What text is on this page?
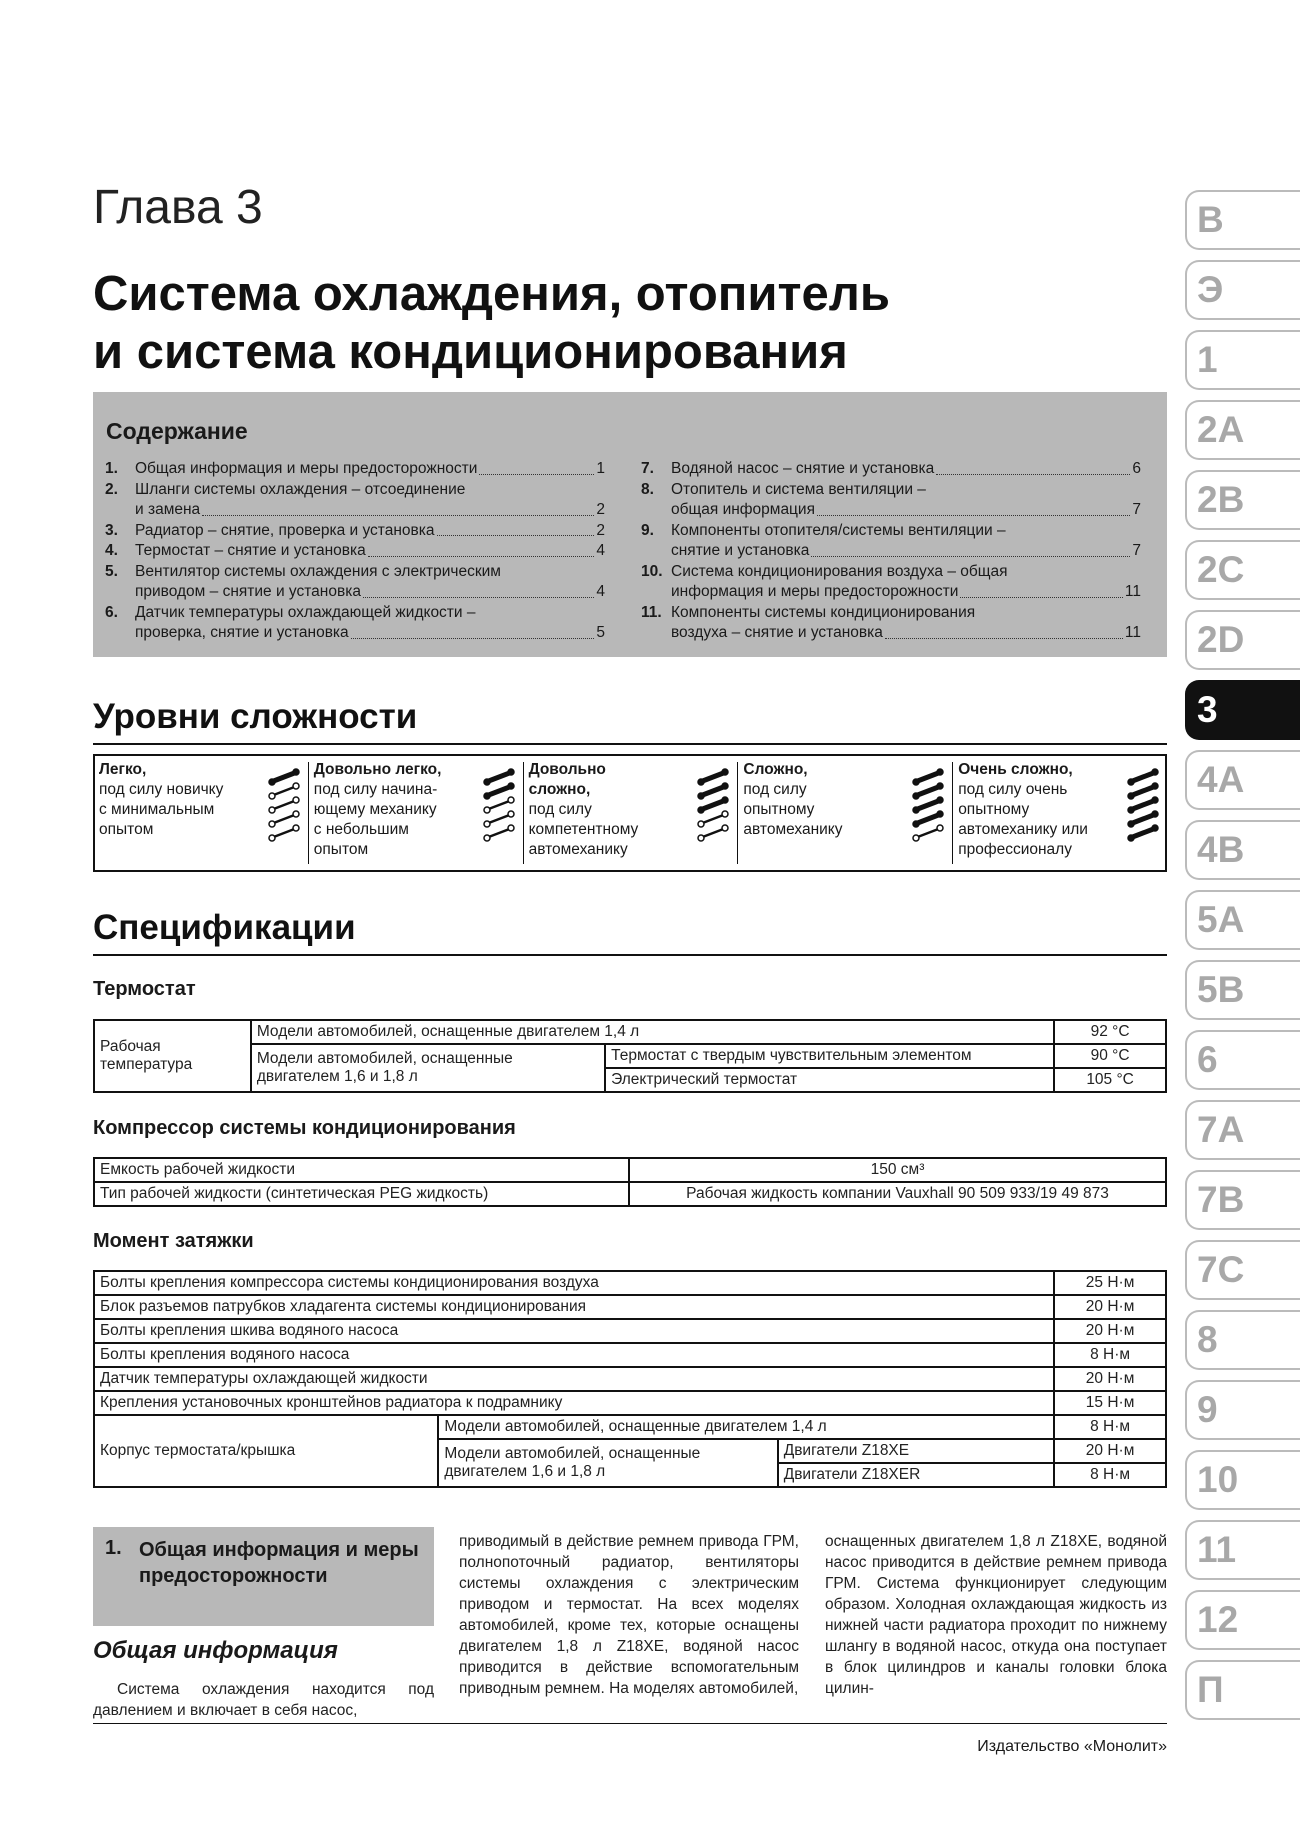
Глава 3
Система охлаждения, отопитель
и система кондиционирования
Содержание
1.	Общая информация и меры предосторожности	1
2.	Шланги системы охлаждения – отсоединение
и замена	2
3.	Радиатор – снятие, проверка и установка	2
4.	Термостат – снятие и установка	4
5.	Вентилятор системы охлаждения с электрическим
приводом – снятие и установка	4
6.	Датчик температуры охлаждающей жидкости –
проверка, снятие и установка	5
7.	Водяной насос – снятие и установка	6
8.	Отопитель и система вентиляции –
общая информация	7
9.	Компоненты отопителя/системы вентиляции –
снятие и установка	7
10. Система кондиционирования воздуха – общая
информация и меры предосторожности	11
11. Компоненты системы кондиционирования
воздуха – снятие и установка	11
Уровни сложности
Легко,
под силу новичку
с минимальным
опытом
Довольно легко,
под силу начина-
ющему механику
с небольшим
опытом
Довольно
сложно,
под силу
компетентному
автомеханику
Сложно,
под силу
опытному
автомеханику
Очень сложно,
под силу очень
опытному
автомеханику или
профессионалу
Спецификации
Термостат
Рабочая температура	Модели автомобилей, оснащенные двигателем 1,4 л		92 °C
	Модели автомобилей, оснащенные двигателем 1,6 и 1,8 л	Термостат с твердым чувствительным элементом	90 °C
		Электрический термостат	105 °C
Компрессор системы кондиционирования
Емкость рабочей жидкости	150 см³
Тип рабочей жидкости (синтетическая PEG жидкость)	Рабочая жидкость компании Vauxhall 90 509 933/19 49 873
Момент затяжки
Болты крепления компрессора системы кондиционирования воздуха			25 Н·м
Блок разъемов патрубков хладагента системы кондиционирования			20 Н·м
Болты крепления шкива водяного насоса			20 Н·м
Болты крепления водяного насоса			8 Н·м
Датчик температуры охлаждающей жидкости			20 Н·м
Крепления установочных кронштейнов радиатора к подрамнику			15 Н·м
Корпус термостата/крышка	Модели автомобилей, оснащенные двигателем 1,4 л		8 Н·м
	Модели автомобилей, оснащенные двигателем 1,6 и 1,8 л	Двигатели Z18XE	20 Н·м
		Двигатели Z18XER	8 Н·м
1. Общая информация и меры предосторожности
Общая информация
Система охлаждения находится под давлением и включает в себя насос,
приводимый в действие ремнем привода ГРМ, полнопоточный радиатор, вентиляторы системы охлаждения с электрическим приводом и термостат. На всех моделях автомобилей, кроме тех, которые оснащены двигателем 1,8 л Z18XE, водяной насос приводится в действие вспомогательным приводным ремнем. На моделях автомобилей,
оснащенных двигателем 1,8 л Z18XE, водяной насос приводится в действие ремнем привода ГРМ. Система функционирует следующим образом. Холодная охлаждающая жидкость из нижней части радиатора проходит по нижнему шлангу в водяной насос, откуда она поступает в блок цилиндров и каналы головки блока цилин-
Издательство «Монолит»
В
Э
1
2A
2B
2C
2D
3
4A
4B
5A
5B
6
7A
7B
7C
8
9
10
11
12
П
